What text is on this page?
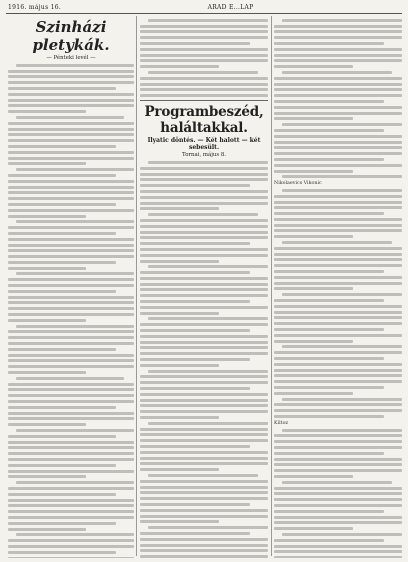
1916. május 16.	ARAD E...LAP
Szinházi pletykák.
— Pénteki levél —
Programbeszéd, haláltakkal.
Ilyatic döntés. — Két halott — két sebesült.
Tornai, május 8.
Nikolaevics Vikonic
Kiltoz
